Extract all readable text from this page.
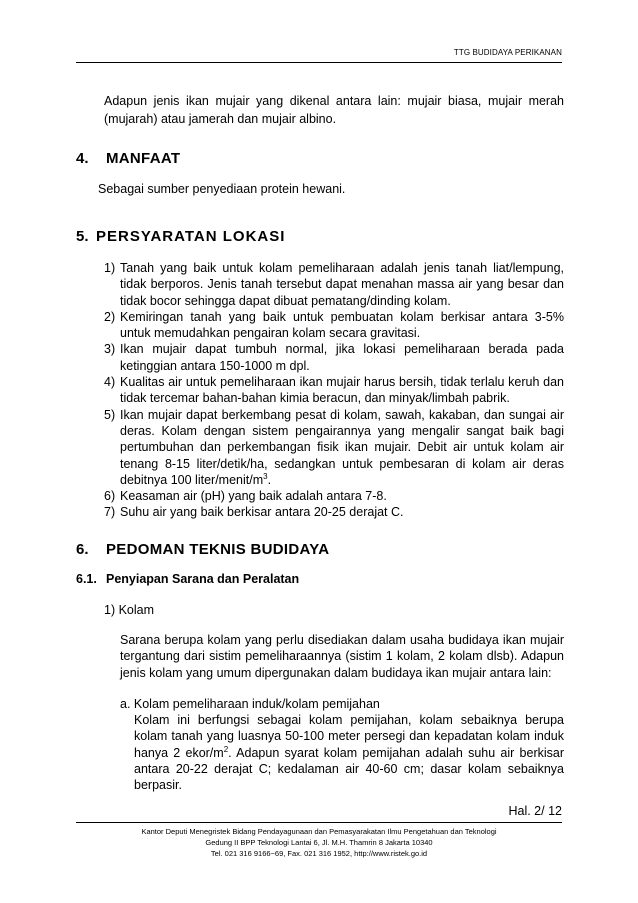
TTG BUDIDAYA PERIKANAN
Adapun jenis ikan mujair yang dikenal antara lain: mujair biasa, mujair merah (mujarah) atau jamerah dan mujair albino.
4. MANFAAT
Sebagai sumber penyediaan protein hewani.
5. PERSYARATAN LOKASI
1) Tanah yang baik untuk kolam pemeliharaan adalah jenis tanah liat/lempung, tidak berporos. Jenis tanah tersebut dapat menahan massa air yang besar dan tidak bocor sehingga dapat dibuat pematang/dinding kolam.
2) Kemiringan tanah yang baik untuk pembuatan kolam berkisar antara 3-5% untuk memudahkan pengairan kolam secara gravitasi.
3) Ikan mujair dapat tumbuh normal, jika lokasi pemeliharaan berada pada ketinggian antara 150-1000 m dpl.
4) Kualitas air untuk pemeliharaan ikan mujair harus bersih, tidak terlalu keruh dan tidak tercemar bahan-bahan kimia beracun, dan minyak/limbah pabrik.
5) Ikan mujair dapat berkembang pesat di kolam, sawah, kakaban, dan sungai air deras. Kolam dengan sistem pengairannya yang mengalir sangat baik bagi pertumbuhan dan perkembangan fisik ikan mujair. Debit air untuk kolam air tenang 8-15 liter/detik/ha, sedangkan untuk pembesaran di kolam air deras debitnya 100 liter/$menit/m^3$.
6) Keasaman air (pH) yang baik adalah antara 7-8.
7) Suhu air yang baik berkisar antara 20-25 derajat C.
6. PEDOMAN TEKNIS BUDIDAYA
6.1. Penyiapan Sarana dan Peralatan
1) Kolam
Sarana berupa kolam yang perlu disediakan dalam usaha budidaya ikan mujair tergantung dari sistim pemeliharaannya (sistim 1 kolam, 2 kolam dlsb). Adapun jenis kolam yang umum dipergunakan dalam budidaya ikan mujair antara lain:
a. Kolam pemeliharaan induk/kolam pemijahan
Kolam ini berfungsi sebagai kolam pemijahan, kolam sebaiknya berupa kolam tanah yang luasnya 50-100 meter persegi dan kepadatan kolam induk hanya 2 ekor/$m^2$. Adapun syarat kolam pemijahan adalah suhu air berkisar antara 20-22 derajat C; kedalaman air 40-60 cm; dasar kolam sebaiknya berpasir.
Hal. 2/ 12
Kantor Deputi Menegristek Bidang Pendayagunaan dan Pemasyarakatan Ilmu Pengetahuan dan Teknologi
Gedung II BPP Teknologi Lantai 6, Jl. M.H. Thamrin 8 Jakarta 10340
Tel. 021 316 9166~69, Fax. 021 316 1952, http://www.ristek.go.id
